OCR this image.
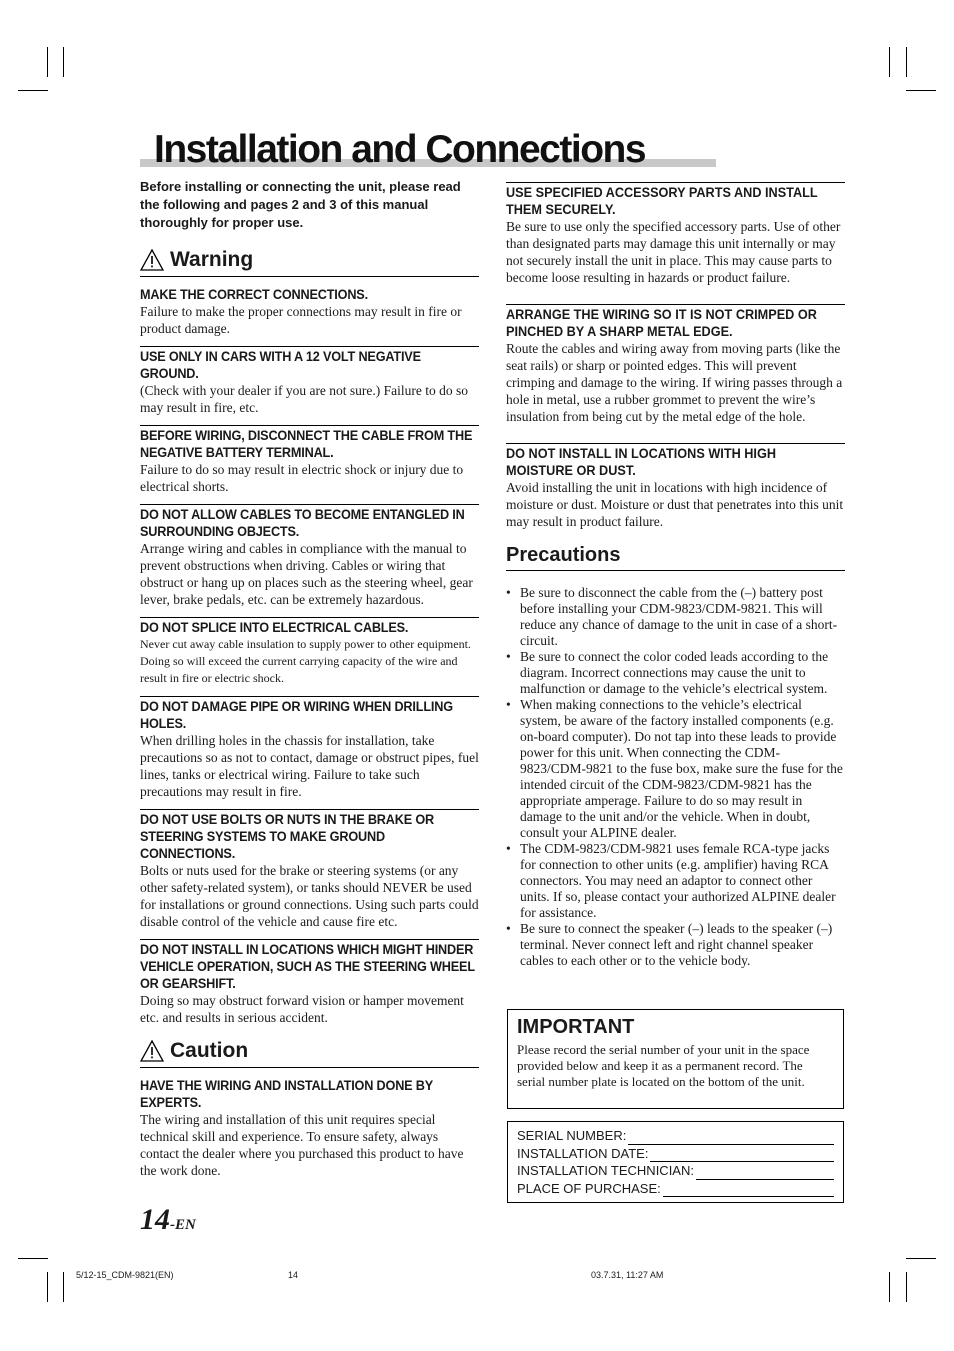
Installation and Connections

Before installing or connecting the unit, please read the following and pages 2 and 3 of this manual thoroughly for proper use.

Warning
MAKE THE CORRECT CONNECTIONS.

Failure to make the proper connections may result in fire or product damage.

USE ONLY IN CARS WITH A 12 VOLT NEGATIVE GROUND.

(Check with your dealer if you are not sure.) Failure to do so may result in fire, etc.

BEFORE WIRING, DISCONNECT THE CABLE FROM THE NEGATIVE BATTERY TERMINAL.

Failure to do so may result in electric shock or injury due to electrical shorts.

DO NOT ALLOW CABLES TO BECOME ENTANGLED IN SURROUNDING OBJECTS.

Arrange wiring and cables in compliance with the manual to prevent obstructions when driving. Cables or wiring that obstruct or hang up on places such as the steering wheel, gear lever, brake pedals, etc. can be extremely hazardous.

DO NOT SPLICE INTO ELECTRICAL CABLES.

Never cut away cable insulation to supply power to other equipment. Doing so will exceed the current carrying capacity of the wire and result in fire or electric shock.

DO NOT DAMAGE PIPE OR WIRING WHEN DRILLING HOLES.

When drilling holes in the chassis for installation, take precautions so as not to contact, damage or obstruct pipes, fuel lines, tanks or electrical wiring. Failure to take such precautions may result in fire.

DO NOT USE BOLTS OR NUTS IN THE BRAKE OR STEERING SYSTEMS TO MAKE GROUND CONNECTIONS.

Bolts or nuts used for the brake or steering systems (or any other safety-related system), or tanks should NEVER be used for installations or ground connections. Using such parts could disable control of the vehicle and cause fire etc.

DO NOT INSTALL IN LOCATIONS WHICH MIGHT HINDER VEHICLE OPERATION, SUCH AS THE STEERING WHEEL OR GEARSHIFT.

Doing so may obstruct forward vision or hamper movement etc. and results in serious accident.

Caution
HAVE THE WIRING AND INSTALLATION DONE BY EXPERTS.

The wiring and installation of this unit requires special technical skill and experience. To ensure safety, always contact the dealer where you purchased this product to have the work done.

USE SPECIFIED ACCESSORY PARTS AND INSTALL THEM SECURELY.

Be sure to use only the specified accessory parts. Use of other than designated parts may damage this unit internally or may not securely install the unit in place. This may cause parts to become loose resulting in hazards or product failure.

ARRANGE THE WIRING SO IT IS NOT CRIMPED OR PINCHED BY A SHARP METAL EDGE.

Route the cables and wiring away from moving parts (like the seat rails) or sharp or pointed edges. This will prevent crimping and damage to the wiring. If wiring passes through a hole in metal, use a rubber grommet to prevent the wire’s insulation from being cut by the metal edge of the hole.

DO NOT INSTALL IN LOCATIONS WITH HIGH MOISTURE OR DUST.

Avoid installing the unit in locations with high incidence of moisture or dust. Moisture or dust that penetrates into this unit may result in product failure.

Precautions
• Be sure to disconnect the cable from the (–) battery post before installing your CDM-9823/CDM-9821. This will reduce any chance of damage to the unit in case of a short-circuit.
• Be sure to connect the color coded leads according to the diagram. Incorrect connections may cause the unit to malfunction or damage to the vehicle’s electrical system.
• When making connections to the vehicle’s electrical system, be aware of the factory installed components (e.g. on-board computer). Do not tap into these leads to provide power for this unit. When connecting the CDM-9823/CDM-9821 to the fuse box, make sure the fuse for the intended circuit of the CDM-9823/CDM-9821 has the appropriate amperage. Failure to do so may result in damage to the unit and/or the vehicle. When in doubt, consult your ALPINE dealer.
• The CDM-9823/CDM-9821 uses female RCA-type jacks for connection to other units (e.g. amplifier) having RCA connectors. You may need an adaptor to connect other units. If so, please contact your authorized ALPINE dealer for assistance.
• Be sure to connect the speaker (–) leads to the speaker (–) terminal. Never connect left and right channel speaker cables to each other or to the vehicle body.
IMPORTANT

Please record the serial number of your unit in the space provided below and keep it as a permanent record. The serial number plate is located on the bottom of the unit.

SERIAL NUMBER:
INSTALLATION DATE:
INSTALLATION TECHNICIAN:
PLACE OF PURCHASE:
14-EN
5/12-15_CDM-9821(EN)	14	03.7.31, 11:27 AM
